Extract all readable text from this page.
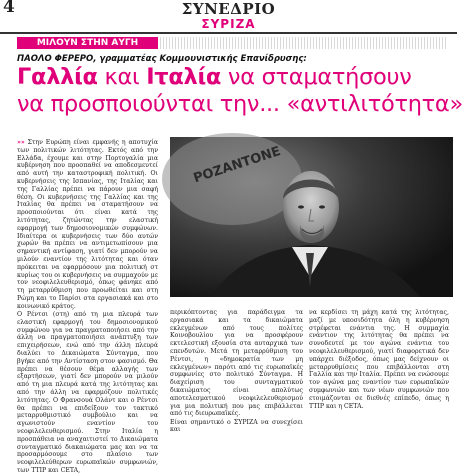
4	ΣΥΝΕΔΡΙΟ
ΣΥΡΙΖΑ
ΜΙΛΟΥΝ ΣΤΗΝ ΑΥΓΗ
ΠΑΟΛΟ ΦΕΡΕΡΟ, γραμματέας Κομμουνιστικής Επανίδρυσης:
Γαλλία και Ιταλία να σταματήσουν
να προσποιούνται την... «αντιλιτότητα»
ΡΟΖΑΝΤΟΝΕ

»» Στην Ευρώπη είναι εμφανής η αποτυχία των πολιτικών λιτότητας. Εκτός από την Ελλάδα, έχουμε και στην Πορτογαλία μια κυβέρνηση που προσπαθεί να αποδεσμευτεί από αυτή την καταστροφική πολιτική. Οι κυβερνήσεις της Ισπανίας, της Ιταλίας και της Γαλλίας πρέπει να πάρουν μια σαφή θέση. Οι κυβερνήσεις της Γαλλίας και της Ιταλίας θα πρέπει να σταματήσουν να προσποιούνται ότι είναι κατά της λιτότητας, ζητώντας την ελαστική εφαρμογή των δημοσιονομικών συμφώνων. Ιδιαίτερα οι κυβερνήσεις των δύο αυτών χωρών θα πρέπει να αντιμετωπίσουν μια σημαντική αντίφαση, γιατί δεν μπορούν να μιλούν εναντίον της λιτότητας και όταν πρόκειται να εφαρμόσουν μια πολιτική στ κυρίως του οι κυβερνήσεις να συμμαχούν με τον νεοφιλελευθερισμό, όπως φάνηκε από τη μεταρρύθμιση που προωθείται και στη Ρώμη και το Παρίσι στα εργασιακά και στο κοινωνικό κράτος.

Ο Ρέντσι (στη) από τη μια πλευρά των ελαστική εφαρμογή του δημοσιονομικού συμφώνου για να πραγματοποιήσει από την άλλη να πραγματοποιήσει ανάπτυξη των επιχειρήσεων, ενώ από την άλλη πλευρά διαλύει το Δικαιώματα Σύνταγμα, που βγήκε από την Αντίσταση στον φασισμό. Θα πρέπει να θέσουν θέμα αλλαγής των εξαρτήσεων, γιατί δεν μπορούν να μιλούν από τη μια πλευρά κατά της λιτότητας και από την άλλη να εφαρμόζουν πολιτικές λιτότητας. Ο Φρανσουά Ολάντ και ο Ρέντσι θα πρέπει να επιδείξουν τον τακτικό μεταρρυθμιστικό συμβούλιο και να αγωνιστούν εναντίον του νεοφιλελευθερισμού. Στην Ιταλία η προσπάθεια να αναχαιτιστεί το Δικαιώματα συνταγματικό διακαιώματα μας και να τα προσαρμόσουμε στο πλαίσιο των νεοφιλελεύθερων ευρωπαϊκών συμφωνιών, των TTIP και CETA,

περικόπτοντας για παράδειγμα τα εργασιακά και τα δικαιώματα εκλεγμένων από τους πολίτες Κοινοβουλίου για να προσφέρουν εκτελεστική εξουσία στα αυταρχικά των επενδυτών. Μετά τη μεταρρύθμιση του Ρέντσι, η «δημοκρατία των μη εκλεγμένων» παρότι από τις ευρωπαϊκές συμφωνίες στο πολιτικό Σύνταγμα. Η διαχείριση του συνταγματικού δικαιώματος είναι απολύτως αποτελεσματικού νεοφιλελευθερισμού για μια πολιτική που μας επιβάλλεται από τις διευρωπαϊκές.

Είναι σημαντικό ο ΣΥΡΙΖΑ να συνεχίσει και

να κερδίσει τη μάχη κατά της λιτότητας, μαζί με υποσιδότητα όλη η κυβέρνηση στρέφεται ενάντια της. Η συμμαχία ενάντιον της λιτότητας θα πρέπει να συνοδευτεί με τον αγώνα ενάντια του νεοφιλελευθερισμού, γιατί διαφορετικά δεν υπάρχει διέξοδος, όπως μας δείχνουν οι μεταρρυθμίσεις που επιβάλλονται στη Γαλλία και την Ιταλία. Πρέπει να ενώσουμε τον αγώνα μας εναντίον των ευρωπαϊκών συμφωνιών και των νέων συμφωνιών που ετοιμάζονται σε διεθνές επίπεδο, όπως η TTIP και η CETA.
